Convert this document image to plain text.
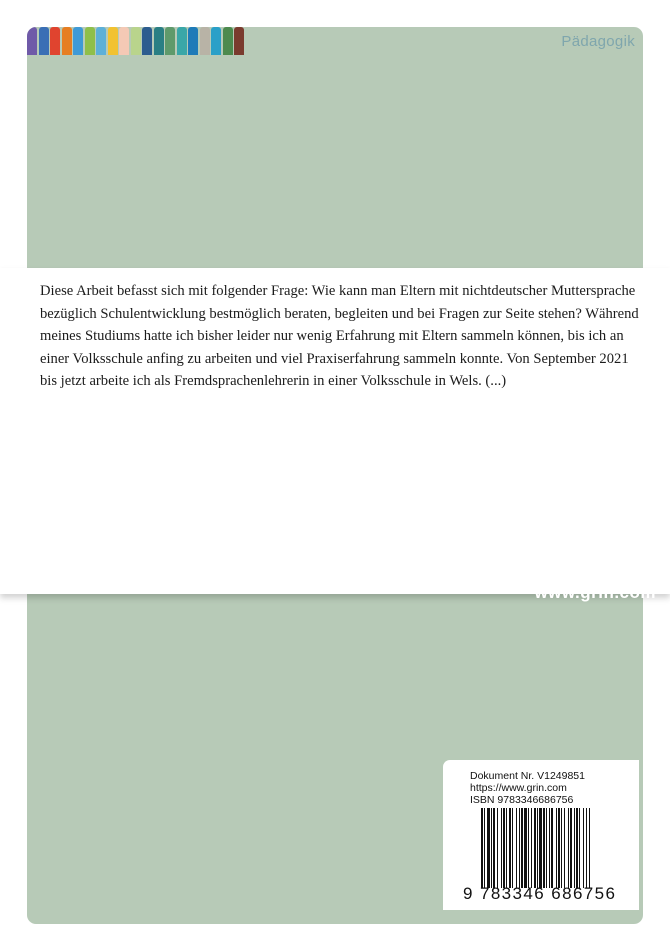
Pädagogik

Diese Arbeit befasst sich mit folgender Frage: Wie kann man Eltern mit nichtdeutscher Muttersprache bezüglich Schulentwicklung bestmöglich beraten, begleiten und bei Fragen zur Seite stehen? Während meines Studiums hatte ich bisher leider nur wenig Erfahrung mit Eltern sammeln können, bis ich an einer Volksschule anfing zu arbeiten und viel Praxiserfahrung sammeln konnte. Von September 2021 bis jetzt arbeite ich als Fremdsprachenlehrerin in einer Volksschule in Wels. (...)

www.grin.com
Dokument Nr. V1249851
https://www.grin.com
ISBN 9783346686756
9 783346 686756
